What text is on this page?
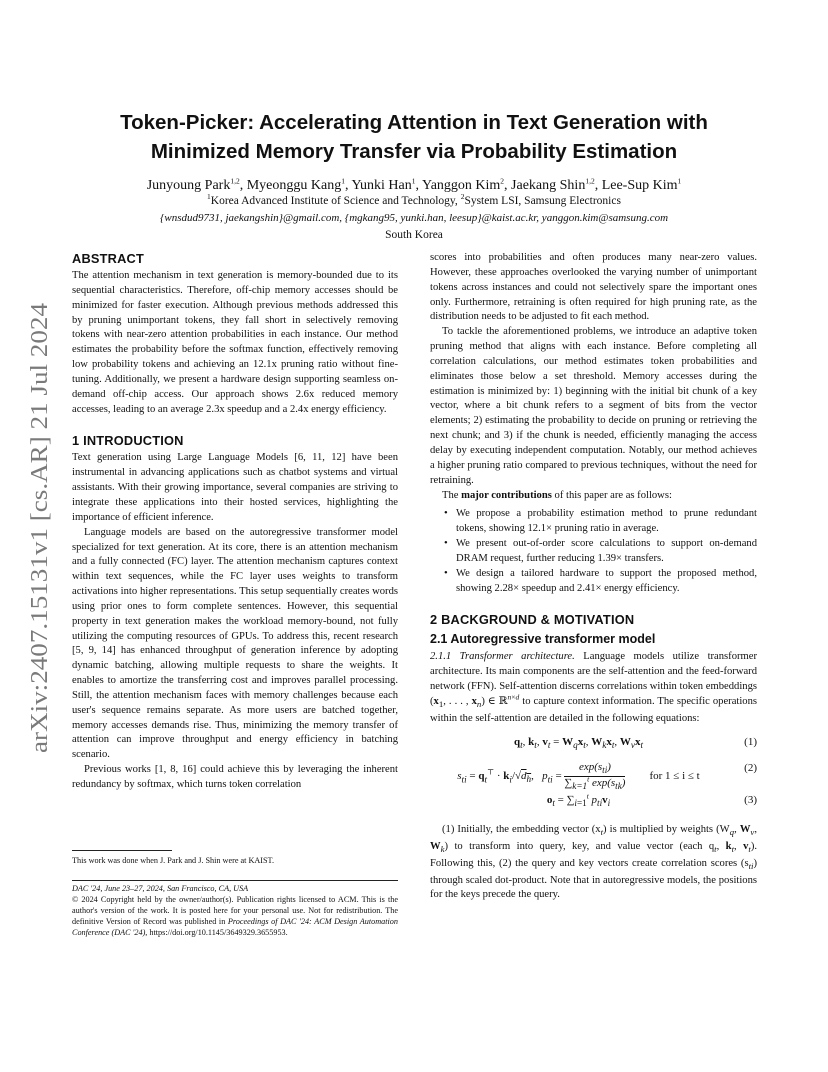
arXiv:2407.15131v1 [cs.AR] 21 Jul 2024
Token-Picker: Accelerating Attention in Text Generation with
Minimized Memory Transfer via Probability Estimation
Junyoung Park$^{1,2}$, Myeonggu Kang$^1$, Yunki Han$^1$, Yanggon Kim$^2$, Jaekang Shin$^{1,2}$, Lee-Sup Kim$^1$
$^1$Korea Advanced Institute of Science and Technology, $^2$System LSI, Samsung Electronics
{wnsdud9731, jaekangshin}@gmail.com, {mgkang95, yunki.han, leesup}@kaist.ac.kr, yanggon.kim@samsung.com
South Korea
ABSTRACT

The attention mechanism in text generation is memory-bounded due to its sequential characteristics. Therefore, off-chip memory accesses should be minimized for faster execution. Although previous methods addressed this by pruning unimportant tokens, they fall short in selectively removing tokens with near-zero attention probabilities in each instance. Our method estimates the probability before the softmax function, effectively removing low probability tokens and achieving an 12.1x pruning ratio without fine-tuning. Additionally, we present a hardware design supporting seamless on-demand off-chip access. Our approach shows 2.6x reduced memory accesses, leading to an average 2.3x speedup and a 2.4x energy efficiency.

1 INTRODUCTION

Text generation using Large Language Models [6, 11, 12] have been instrumental in advancing applications such as chatbot systems and virtual assistants. With their growing importance, several companies are striving to integrate these applications into their hosted services, highlighting the importance of efficient inference.

Language models are based on the autoregressive transformer model specialized for text generation. At its core, there is an attention mechanism and a fully connected (FC) layer. The attention mechanism captures context within text sequences, while the FC layer uses weights to transform activations into higher representations. This setup sequentially creates words using prior ones to form complete sentences. However, this sequential property in text generation makes the workload memory-bound, not fully utilizing the computing resources of GPUs. To address this, recent research [5, 9, 14] has enhanced throughput of generation inference by adopting dynamic batching, allowing multiple requests to share the weights. It enables to amortize the transferring cost and improves parallel processing. Still, the attention mechanism faces with memory challenges because each user's sequence remains separate. As more users are batched together, memory accesses demands rise. Thus, minimizing the memory transfer of attention can improve throughput and energy efficiency in batching scenario.

Previous works [1, 8, 16] could achieve this by leveraging the inherent redundancy by softmax, which turns token correlation

This work was done when J. Park and J. Shin were at KAIST.

DAC '24, June 23–27, 2024, San Francisco, CA, USA

© 2024 Copyright held by the owner/author(s). Publication rights licensed to ACM. This is the author's version of the work. It is posted here for your personal use. Not for redistribution. The definitive Version of Record was published in Proceedings of DAC '24: ACM Design Automation Conference (DAC '24), https://doi.org/10.1145/3649329.3655953.

scores into probabilities and often produces many near-zero values. However, these approaches overlooked the varying number of unimportant tokens across instances and could not selectively spare the important ones only. Furthermore, retraining is often required for high pruning rate, as the distribution needs to be adjusted to fit each method.

To tackle the aforementioned problems, we introduce an adaptive token pruning method that aligns with each instance. Before completing all correlation calculations, our method estimates token probabilities and eliminates those below a set threshold. Memory accesses during the estimation is minimized by: 1) beginning with the initial bit chunk of a key vector, where a bit chunk refers to a segment of bits from the vector elements; 2) estimating the probability to decide on pruning or retrieving the next chunk; and 3) if the chunk is needed, efficiently managing the access delay by executing independent computation. Notably, our method achieves a higher pruning ratio compared to previous techniques, without the need for retraining.

The major contributions of this paper are as follows:

• We propose a probability estimation method to prune redundant tokens, showing 12.1× pruning ratio in average.
• We present out-of-order score calculations to support on-demand DRAM request, further reducing 1.39× transfers.
• We design a tailored hardware to support the proposed method, showing 2.28× speedup and 2.41× energy efficiency.
2 BACKGROUND & MOTIVATION
2.1 Autoregressive transformer model

2.1.1 Transformer architecture. Language models utilize transformer architecture. Its main components are the self-attention and the feed-forward network (FFN). Self-attention discerns correlations within token embeddings ($x_1$, . . . , $x_n$) ∈ ℝ$^{n\times d}$ to capture context information. The specific operations within the self-attention are detailed in the following equations:

$q_t$, $k_t$, $v_t = W_qx_t$, $W_kx_t$, $W_vx_t$	(1)
$s_{ti} = q_t^⊤ \cdot k_i/√d_h$,   $p_{ti} = \frac{\exp(s_{ti})}{\sum_{k=1}^t \exp(s_{tk})}$ for 1 ≤ i ≤ t
(2)
$o_t = \sum_{i=1}^t$ $p_{ti}v_i$	(3)

(1) Initially, the embedding vector $(x_t)$ is multiplied by weights ($W_q$, $W_v$, $W_k$) to transform into query, key, and value vector (each $q_t$, $k_t$, $v_t$). Following this, (2) the query and key vectors create correlation scores $(s_{ti})$ through scaled dot-product. Note that in autoregressive models, the positions for the keys precede the query.
